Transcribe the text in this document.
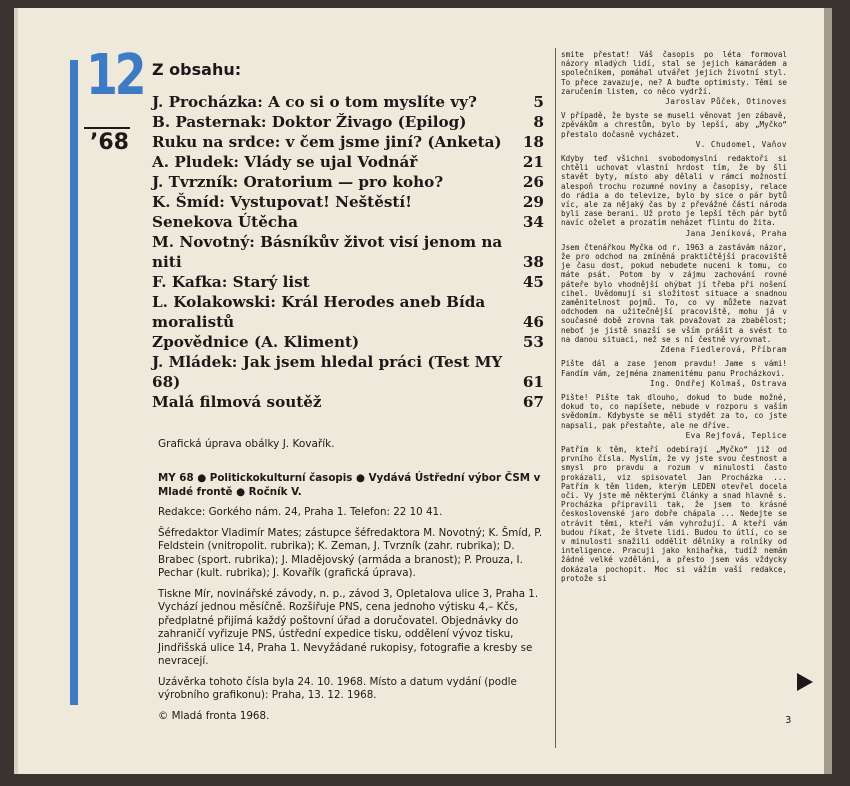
12
’68
Z obsahu:
J. Procházka: A co si o tom myslíte vy?	5
B. Pasternak: Doktor Živago (Epilog)	8
Ruku na srdce: v čem jsme jiní? (Anketa)	18
A. Pludek: Vlády se ujal Vodnář	21
J. Tvrzník: Oratorium — pro koho?	26
K. Šmíd: Vystupovat! Neštěstí!	29
Senekova Útěcha	34
M. Novotný: Básníkův život visí jenom na niti	38
F. Kafka: Starý list	45
L. Kolakowski: Král Herodes aneb Bída moralistů	46
Zpovědnice (A. Kliment)	53
J. Mládek: Jak jsem hledal práci (Test MY 68)	61
Malá filmová soutěž	67
Grafická úprava obálky J. Kovařík.

MY 68 ● Politickokulturní časopis ● Vydává Ústřední výbor ČSM v Mladé frontě ● Ročník V.

Redakce: Gorkého nám. 24, Praha 1. Telefon: 22 10 41.

Šéfredaktor Vladimír Mates; zástupce šéfredaktora M. Novotný; K. Šmíd, P. Feldstein (vnitropolit. rubrika); K. Zeman, J. Tvrzník (zahr. rubrika); D. Brabec (sport. rubrika); J. Mladějovský (armáda a branost); P. Prouza, I. Pechar (kult. rubrika); J. Kovařík (grafická úprava).

Tiskne Mír, novinářské závody, n. p., závod 3, Opletalova ulice 3, Praha 1. Vychází jednou měsíčně. Rozšiřuje PNS, cena jednoho výtisku 4,– Kčs, předplatné přijímá každý poštovní úřad a doručovatel. Objednávky do zahraničí vyřizuje PNS, ústřední expedice tisku, oddělení vývoz tisku, Jindřišská ulice 14, Praha 1. Nevyžádané rukopisy, fotografie a kresby se nevracejí.

Uzávěrka tohoto čísla byla 24. 10. 1968. Místo a datum vydání (podle výrobního grafikonu): Praha, 13. 12. 1968.

© Mladá fronta 1968.

smite přestat! Váš časopis po léta formoval názory mladých lidí, stal se jejich kamarádem a společníkem, pomáhal utvářet jejich životní styl. To přece zavazuje, ne? A buďte optimisty. Těmi se zaručením listem, co něco vydrží.

Jaroslav Půček, Otinoves

V případě, že byste se museli věnovat jen zábavě, zpěvákům a chrestům, bylo by lepší, aby „Myčko“ přestalo dočasně vycházet.

V. Chudomel, Vaňov

Kdyby teď všichni svobodomyslní redaktoři si chtěli uchovat vlastní hrdost tím, že by šli stavět byty, místo aby dělali v rámci možností alespoň trochu rozumné noviny a časopisy, relace do rádia a do televize, bylo by sice o pár bytů víc, ale za nějaký čas by z převážné části národa byli zase berani. Už proto je lepší těch pár bytů navíc oželet a prozatím neházet flintu do žita.

Jana Jeníková, Praha

Jsem čtenářkou Myčka od r. 1963 a zastávám názor, že pro odchod na zmíněná praktičtější pracoviště je času dost, pokud nebudete nuceni k tomu, co máte psát. Potom by v zájmu zachování rovné páteře bylo vhodnější ohýbat jí třeba při nošení cihel. Uvědomují si složitost situace a snadnou zaměnitelnost pojmů. To, co vy můžete nazvat odchodem na užitečnější pracoviště, mohu já v současné době zrovna tak považovat za zbabělost; neboť je jistě snazší se vším prášit a svést to na danou situaci, než se s ní čestně vyrovnat.

Zdena Fiedlerová, Příbram

Pište dál a zase jenom pravdu! Jame s vámi! Fandím vám, zejména znamenitému panu Procházkovi.

Ing. Ondřej Kolmaš, Ostrava

Pište! Pište tak dlouho, dokud to bude možné, dokud to, co napíšete, nebude v rozporu s vaším svědomím. Kdybyste se měli stydět za to, co jste napsali, pak přestaňte, ale ne dříve.

Eva Rejfová, Teplice

Patřím k těm, kteří odebírají „Myčko“ již od prvního čísla. Myslím, že vy jste svou čestnost a smysl pro pravdu a rozum v minulosti často prokázali, viz spisovatel Jan Procházka ... Patřím k těm lidem, kterým LEDEN otevřel docela oči. Vy jste mě některými články a snad hlavně s. Procházka připravili tak, že jsem to krásné československé jaro dobře chápala ... Nedejte se otrávit těmi, kteří vám vyhrožují. A kteří vám budou říkat, že štvete lidi. Budou to útlí, co se v minulosti snažili oddělit dělníky a rolníky od inteligence. Pracuji jako knihařka, tudíž nemám žádné velké vzdělání, a přesto jsem vás vždycky dokázala pochopit. Moc si vážím vaší redakce, protože si

3
